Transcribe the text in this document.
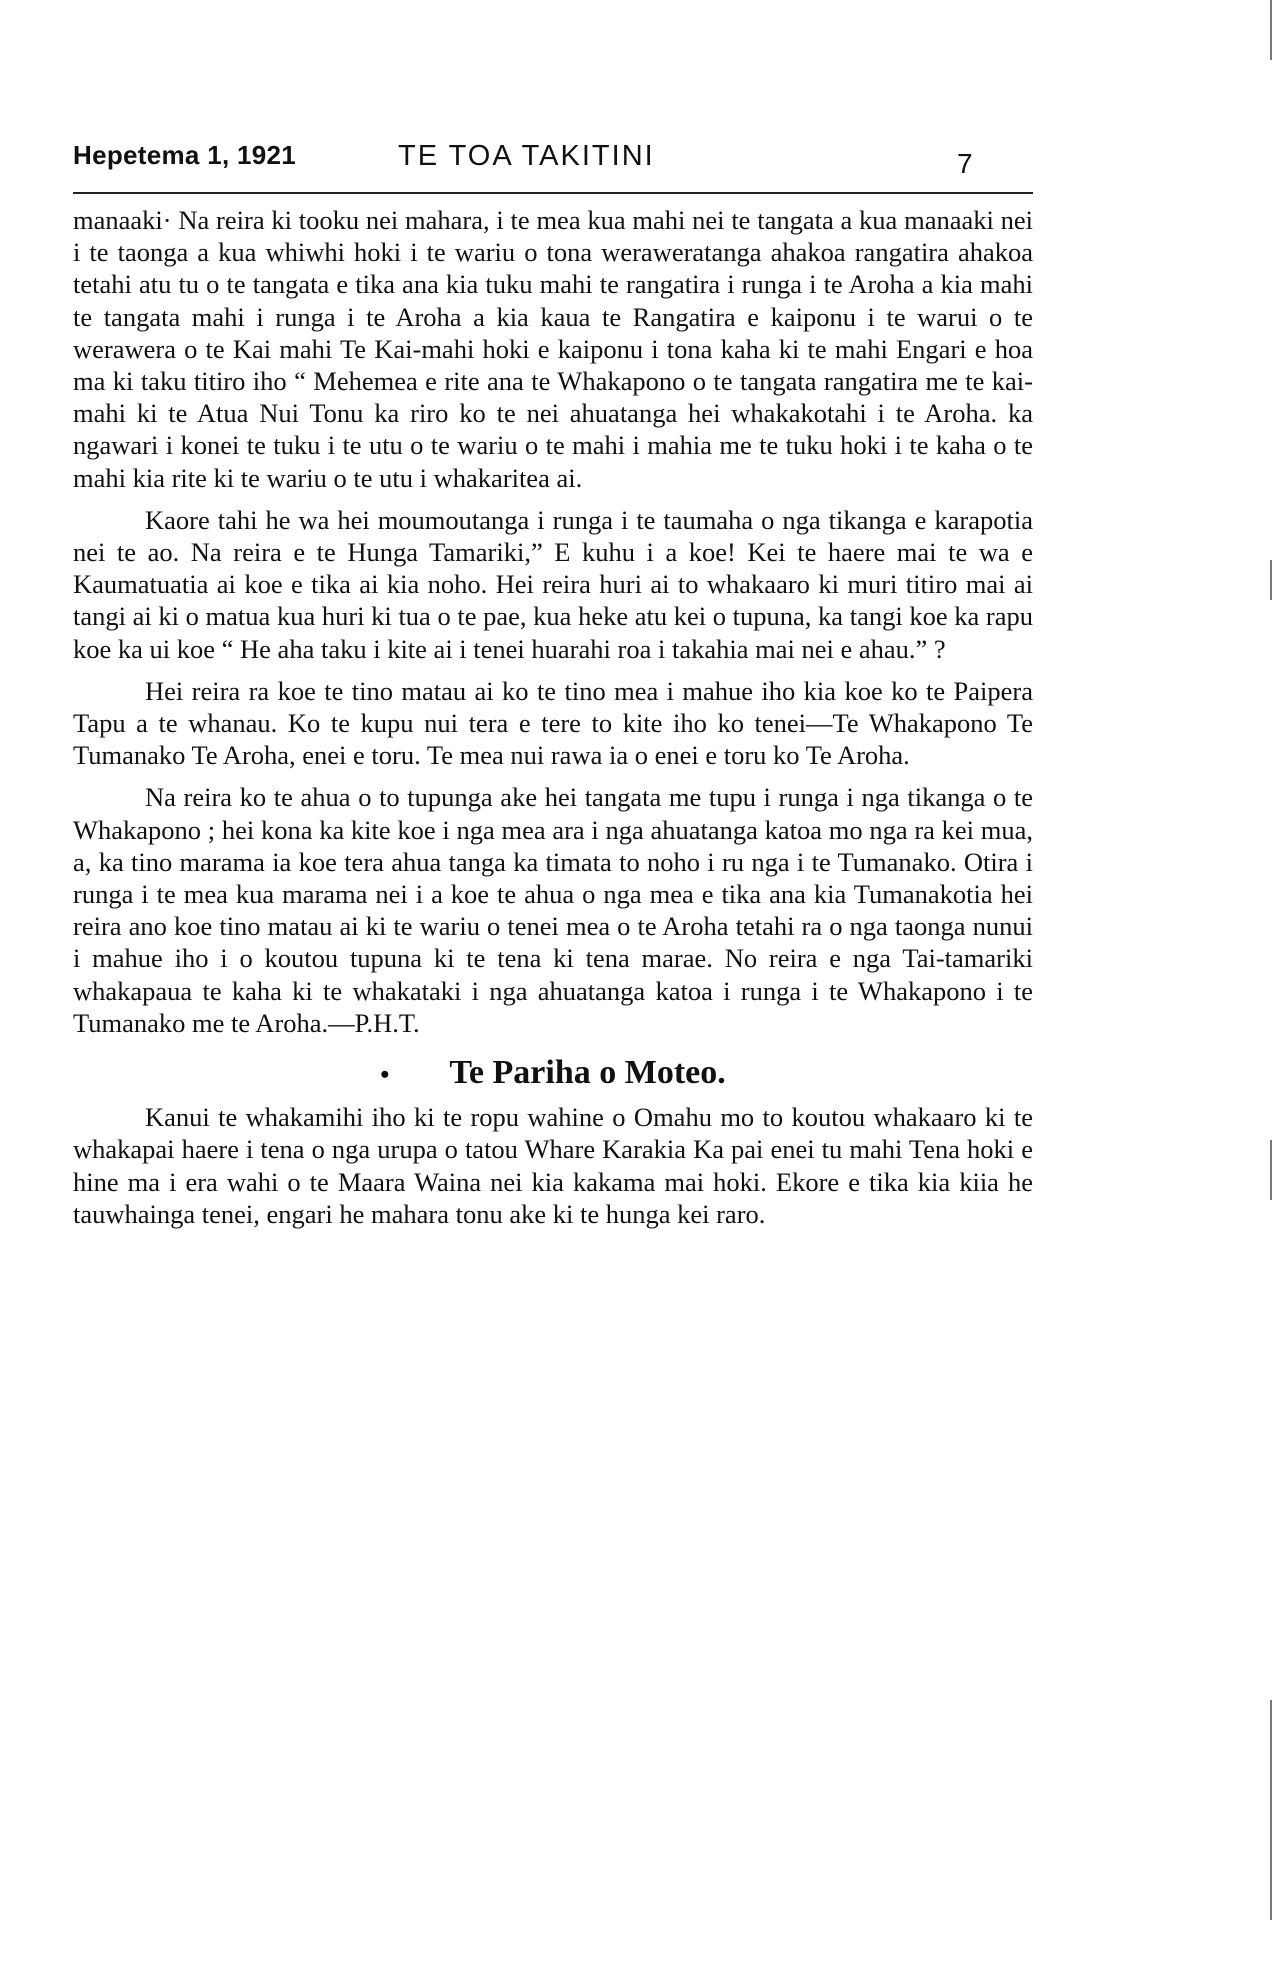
Hepetema 1, 1921	TE TOA TAKITINI	7

manaaki· Na reira ki tooku nei mahara, i te mea kua mahi nei te tangata a kua manaaki nei i te taonga a kua whiwhi hoki i te wariu o tona weraweratanga ahakoa rangatira ahakoa tetahi atu tu o te tangata e tika ana kia tuku mahi te rangatira i runga i te Aroha a kia mahi te tangata mahi i runga i te Aroha a kia kaua te Rangatira e kaiponu i te warui o te werawera o te Kai mahi Te Kai-mahi hoki e kaiponu i tona kaha ki te mahi Engari e hoa ma ki taku titiro iho “ Mehemea e rite ana te Whakapono o te tangata rangatira me te kai-mahi ki te Atua Nui Tonu ka riro ko te nei ahuatanga hei whakakotahi i te Aroha. ka ngawari i konei te tuku i te utu o te wariu o te mahi i mahia me te tuku hoki i te kaha o te mahi kia rite ki te wariu o te utu i whakaritea ai.

Kaore tahi he wa hei moumoutanga i runga i te taumaha o nga tikanga e karapotia nei te ao. Na reira e te Hunga Tamariki,” E kuhu i a koe! Kei te haere mai te wa e Kaumatuatia ai koe e tika ai kia noho. Hei reira huri ai to whakaaro ki muri titiro mai ai tangi ai ki o matua kua huri ki tua o te pae, kua heke atu kei o tupuna, ka tangi koe ka rapu koe ka ui koe “ He aha taku i kite ai i tenei huarahi roa i takahia mai nei e ahau.” ?

Hei reira ra koe te tino matau ai ko te tino mea i mahue iho kia koe ko te Paipera Tapu a te whanau. Ko te kupu nui tera e tere to kite iho ko tenei—Te Whakapono Te Tumanako Te Aroha, enei e toru. Te mea nui rawa ia o enei e toru ko Te Aroha.

Na reira ko te ahua o to tupunga ake hei tangata me tupu i runga i nga tikanga o te Whakapono ; hei kona ka kite koe i nga mea ara i nga ahuatanga katoa mo nga ra kei mua, a, ka tino marama ia koe tera ahua tanga ka timata to noho i ru nga i te Tumanako. Otira i runga i te mea kua marama nei i a koe te ahua o nga mea e tika ana kia Tumanakotia hei reira ano koe tino matau ai ki te wariu o tenei mea o te Aroha tetahi ra o nga taonga nunui i mahue iho i o koutou tupuna ki te tena ki tena marae. No reira e nga Tai-tamariki whakapaua te kaha ki te whakataki i nga ahuatanga katoa i runga i te Whakapono i te Tumanako me te Aroha.—P.H.T.

• Te Pariha o Moteo.

Kanui te whakamihi iho ki te ropu wahine o Omahu mo to koutou whakaaro ki te whakapai haere i tena o nga urupa o tatou Whare Karakia Ka pai enei tu mahi Tena hoki e hine ma i era wahi o te Maara Waina nei kia kakama mai hoki. Ekore e tika kia kiia he tauwhainga tenei, engari he mahara tonu ake ki te hunga kei raro.
